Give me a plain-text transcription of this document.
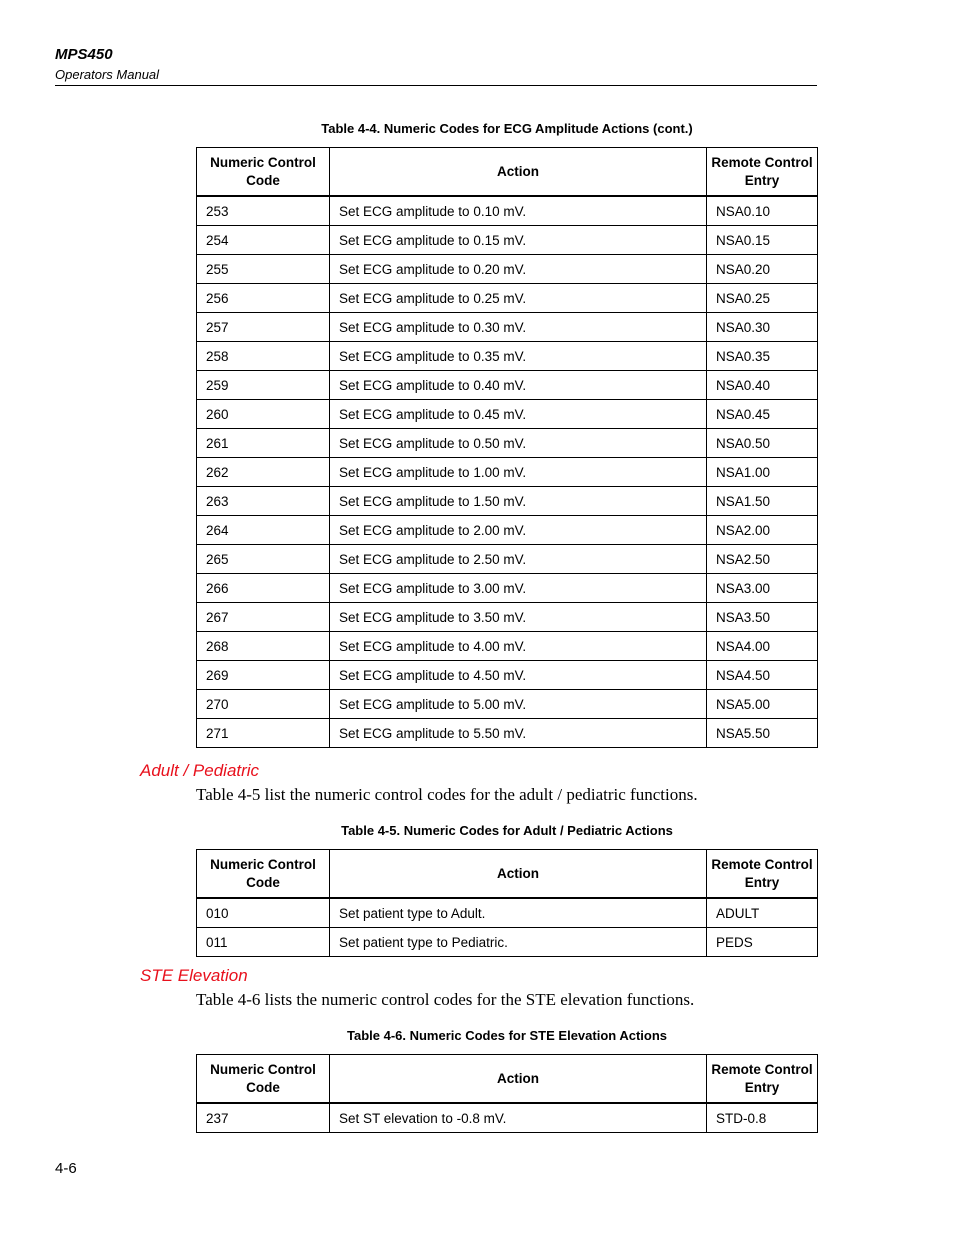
MPS450
Operators Manual
Table 4-4. Numeric Codes for ECG Amplitude Actions (cont.)
Numeric Control Code	Action	Remote Control Entry
253	Set ECG amplitude to 0.10 mV.	NSA0.10
254	Set ECG amplitude to 0.15 mV.	NSA0.15
255	Set ECG amplitude to 0.20 mV.	NSA0.20
256	Set ECG amplitude to 0.25 mV.	NSA0.25
257	Set ECG amplitude to 0.30 mV.	NSA0.30
258	Set ECG amplitude to 0.35 mV.	NSA0.35
259	Set ECG amplitude to 0.40 mV.	NSA0.40
260	Set ECG amplitude to 0.45 mV.	NSA0.45
261	Set ECG amplitude to 0.50 mV.	NSA0.50
262	Set ECG amplitude to 1.00 mV.	NSA1.00
263	Set ECG amplitude to 1.50 mV.	NSA1.50
264	Set ECG amplitude to 2.00 mV.	NSA2.00
265	Set ECG amplitude to 2.50 mV.	NSA2.50
266	Set ECG amplitude to 3.00 mV.	NSA3.00
267	Set ECG amplitude to 3.50 mV.	NSA3.50
268	Set ECG amplitude to 4.00 mV.	NSA4.00
269	Set ECG amplitude to 4.50 mV.	NSA4.50
270	Set ECG amplitude to 5.00 mV.	NSA5.00
271	Set ECG amplitude to 5.50 mV.	NSA5.50
Adult / Pediatric
Table 4-5 list the numeric control codes for the adult / pediatric functions.
Table 4-5. Numeric Codes for Adult / Pediatric Actions
Numeric Control Code	Action	Remote Control Entry
010	Set patient type to Adult.	ADULT
011	Set patient type to Pediatric.	PEDS
STE Elevation
Table 4-6 lists the numeric control codes for the STE elevation functions.
Table 4-6. Numeric Codes for STE Elevation Actions
Numeric Control Code	Action	Remote Control Entry
237	Set ST elevation to -0.8 mV.	STD-0.8
4-6
